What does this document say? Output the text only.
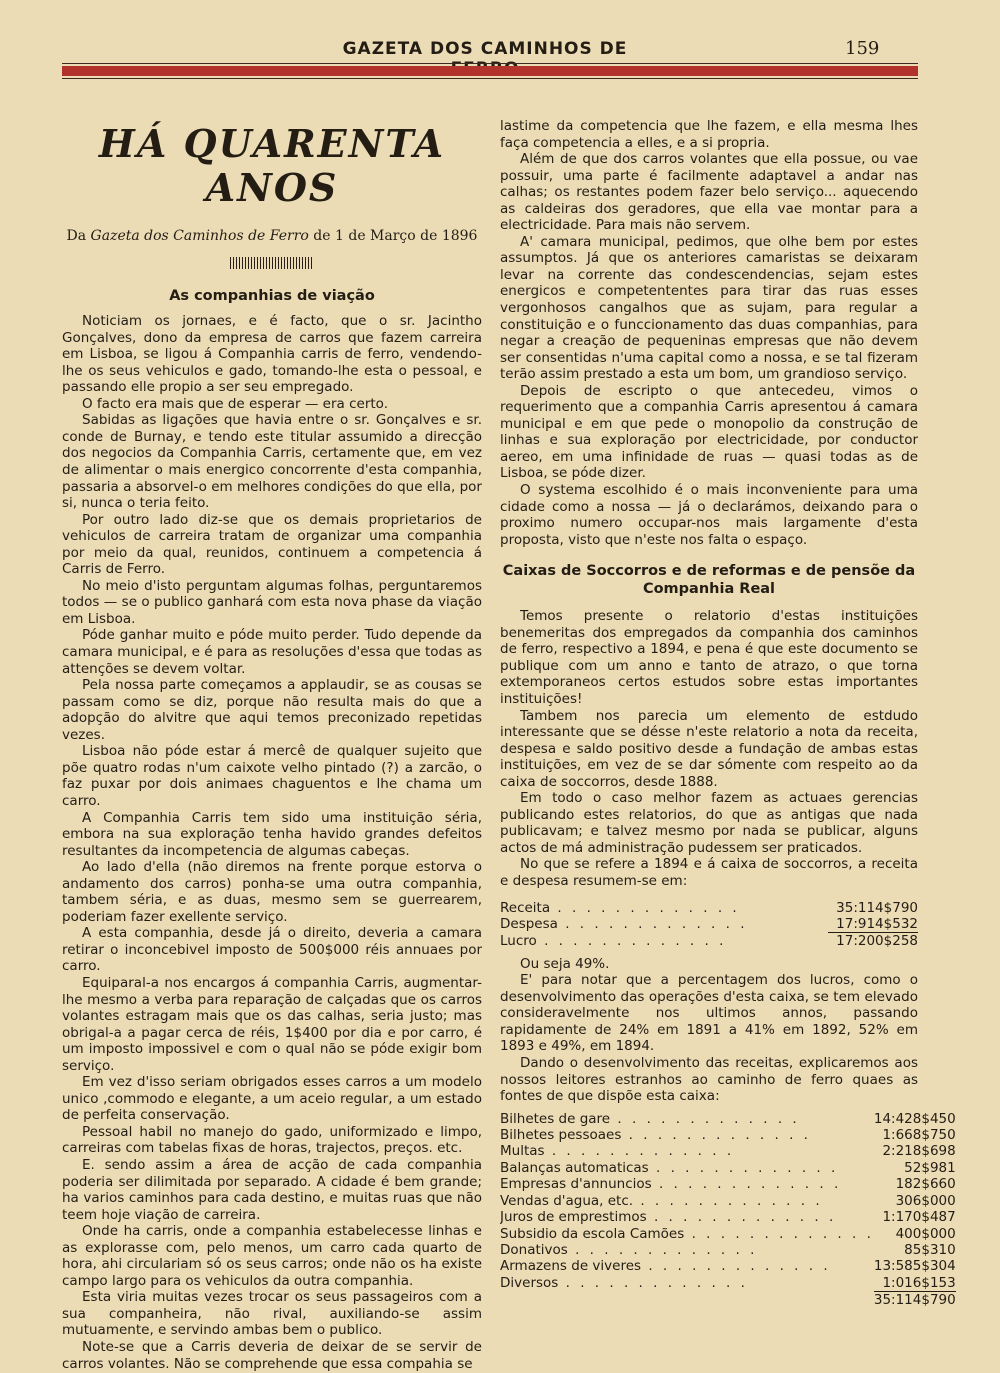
GAZETA DOS CAMINHOS DE	159
HÁ QUARENTA ANOS
Da Gazeta dos Caminhos de Ferro de 1 de Março de 1896
As companhias de viação

Noticiam os jornaes, e é facto, que o sr. Jacintho Gonçalves, dono da empresa de carros que fazem carreira em Lisboa, se ligou á Companhia carris de ferro, vendendo-lhe os seus vehiculos e gado, tomando-lhe esta o pessoal, e passando elle propio a ser seu empregado.

O facto era mais que de esperar — era certo.

Sabidas as ligações que havia entre o sr. Gonçalves e sr. conde de Burnay, e tendo este titular assumido a direcção dos negocios da Companhia Carris, certamente que, em vez de alimentar o mais energico concorrente d'esta companhia, passaria a absorvel-o em melhores condições do que ella, por si, nunca o teria feito.

Por outro lado diz-se que os demais proprietarios de vehiculos de carreira tratam de organizar uma companhia por meio da qual, reunidos, continuem a competencia á Carris de Ferro.

No meio d'isto perguntam algumas folhas, perguntaremos todos — se o publico ganhará com esta nova phase da viação em Lisboa.

Póde ganhar muito e póde muito perder. Tudo depende da camara municipal, e é para as resoluções d'essa que todas as attenções se devem voltar.

Pela nossa parte começamos a applaudir, se as cousas se passam como se diz, porque não resulta mais do que a adopção do alvitre que aqui temos preconizado repetidas vezes.

Lisboa não póde estar á mercê de qualquer sujeito que põe quatro rodas n'um caixote velho pintado (?) a zarcão, o faz puxar por dois animaes chaguentos e lhe chama um carro.

A Companhia Carris tem sido uma instituição séria, embora na sua exploração tenha havido grandes defeitos resultantes da incompetencia de algumas cabeças.

Ao lado d'ella (não diremos na frente porque estorva o andamento dos carros) ponha-se uma outra companhia, tambem séria, e as duas, mesmo sem se guerrearem, poderiam fazer exellente serviço.

A esta companhia, desde já o direito, deveria a camara retirar o inconcebivel imposto de 500$000 réis annuaes por carro.

Equiparal-a nos encargos á companhia Carris, augmentar-lhe mesmo a verba para reparação de calçadas que os carros volantes estragam mais que os das calhas, seria justo; mas obrigal-a a pagar cerca de réis, 1$400 por dia e por carro, é um imposto impossivel e com o qual não se póde exigir bom serviço.

Em vez d'isso seriam obrigados esses carros a um modelo unico ,commodo e elegante, a um aceio regular, a um estado de perfeita conservação.

Pessoal habil no manejo do gado, uniformizado e limpo, carreiras com tabelas fixas de horas, trajectos, preços. etc.

E. sendo assim a área de acção de cada companhia poderia ser dilimitada por separado. A cidade é bem grande; ha varios caminhos para cada destino, e muitas ruas que não teem hoje viação de carreira.

Onde ha carris, onde a companhia estabelecesse linhas e as explorasse com, pelo menos, um carro cada quarto de hora, ahi circulariam só os seus carros; onde não os ha existe campo largo para os vehiculos da outra companhia.

Esta viria muitas vezes trocar os seus passageiros com a sua companheira, não rival, auxiliando-se assim mutuamente, e servindo ambas bem o publico.

Note-se que a Carris deveria de deixar de se servir de carros volantes. Não se comprehende que essa compahia se

lastime da competencia que lhe fazem, e ella mesma lhes faça competencia a elles, e a si propria.

Além de que dos carros volantes que ella possue, ou vae possuir, uma parte é facilmente adaptavel a andar nas calhas; os restantes podem fazer belo serviço... aquecendo as caldeiras dos geradores, que ella vae montar para a electricidade. Para mais não servem.

A' camara municipal, pedimos, que olhe bem por estes assumptos. Já que os anteriores camaristas se deixaram levar na corrente das condescendencias, sejam estes energicos e competententes para tirar das ruas esses vergonhosos cangalhos que as sujam, para regular a constituição e o funccionamento das duas companhias, para negar a creação de pequeninas empresas que não devem ser consentidas n'uma capital como a nossa, e se tal fizeram terão assim prestado a esta um bom, um grandioso serviço.

Depois de escripto o que antecedeu, vimos o requerimento que a companhia Carris apresentou á camara municipal e em que pede o monopolio da construção de linhas e sua exploração por electricidade, por conductor aereo, em uma infinidade de ruas — quasi todas as de Lisboa, se póde dizer.

O systema escolhido é o mais inconveniente para uma cidade como a nossa — já o declarámos, deixando para o proximo numero occupar-nos mais largamente d'esta proposta, visto que n'este nos falta o espaço.

Caixas de Soccorros e de reformas e de pensõe da Companhia Real

Temos presente o relatorio d'estas instituições benemeritas dos empregados da companhia dos caminhos de ferro, respectivo a 1894, e pena é que este documento se publique com um anno e tanto de atrazo, o que torna extemporaneos certos estudos sobre estas importantes instituições!

Tambem nos parecia um elemento de estdudo interessante que se désse n'este relatorio a nota da receita, despesa e saldo positivo desde a fundação de ambas estas instituições, em vez de se dar sómente com respeito ao da caixa de soccorros, desde 1888.

Em todo o caso melhor fazem as actuaes gerencias publicando estes relatorios, do que as antigas que nada publicavam; e talvez mesmo por nada se publicar, alguns actos de má administração pudessem ser praticados.

No que se refere a 1894 e á caixa de soccorros, a receita e despesa resumem-se em:

Receita . . . . . . . . . . . . .	35:114$790
Despesa . . . . . . . . . . . . .	17:914$532
Lucro . . . . . . . . . . . . .	17:200$258

Ou seja 49%.

E' para notar que a percentagem dos lucros, como o desenvolvimento das operações d'esta caixa, se tem elevado consideravelmente nos ultimos annos, passando rapidamente de 24% em 1891 a 41% em 1892, 52% em 1893 e 49%, em 1894.

Dando o desenvolvimento das receitas, explicaremos aos nossos leitores estranhos ao caminho de ferro quaes as fontes de que dispõe esta caixa:

Bilhetes de gare . . . . . . . . . . . . .	14:428$450
Bilhetes pessoaes . . . . . . . . . . . . .	1:668$750
Multas . . . . . . . . . . . . .	2:218$698
Balanças automaticas . . . . . . . . . . . . .	52$981
Empresas d'annuncios . . . . . . . . . . . . .	182$660
Vendas d'agua, etc. . . . . . . . . . . . . .	306$000
Juros de emprestimos . . . . . . . . . . . . .	1:170$487
Subsidio da escola Camões . . . . . . . . . . . . .	400$000
Donativos . . . . . . . . . . . . .	85$310
Armazens de viveres . . . . . . . . . . . . .	13:585$304
Diversos . . . . . . . . . . . . .	1:016$153
	35:114$790
